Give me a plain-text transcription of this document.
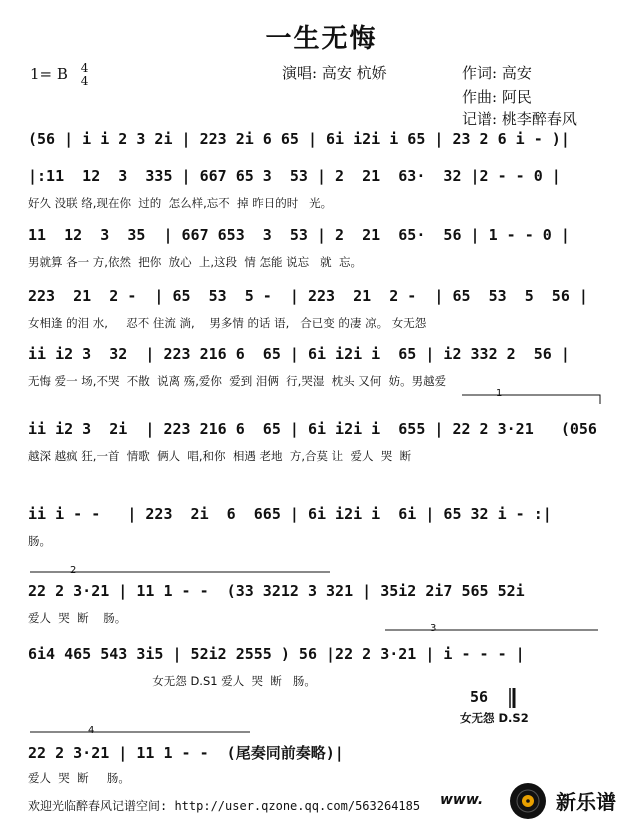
一生无悔
1= B 4
4	演唱: 高安 杭娇	作词: 高安
作曲: 阿民
记谱: 桃李醉春风
(56 | i i 2 3 2i | 223 2i 6 65 | 6i i2i i 65 | 23 2 6 i - )|
|:11  12  3  335 | 667 65 3  53 | 2  21  63·  32 |2 - - 0 |
好久 没联 络,现在你  过的  怎么样,忘不  掉 昨日的时   光。
11  12  3  35  | 667 653  3  53 | 2  21  65·  56 | 1 - - 0 |
男就算 各一 方,依然  把你  放心  上,这段  情 怎能 说忘   就  忘。
223  21  2 -  | 65  53  5 -  | 223  21  2 -  | 65  53  5  56 |
女相逢 的泪 水,     忍不 住流 淌,    男多情 的话 语,   合已变 的凄 凉。 女无怨
ii i2 3  32  | 223 216 6  65 | 6i i2i i  65 | i2 332 2  56 |
无悔 爱一 场,不哭  不散  说离 殇,爱你  爱到 泪俩  行,哭湿  枕头 又何  妨。男越爱
ii i2 3  2i  | 223 216 6  65 | 6i i2i i  655 | 22 2 3·21   (056
越深 越疯 狂,一首  情歌  俩人  唱,和你  相遇 老地  方,合莫 让  爱人  哭  断
ii i - -   | 223  2i  6  665 | 6i i2i i  6i | 65 32 i - :|
肠。
22 2 3·21 | 11 1 - -  (33 3212 3 321 | 35i2 2i7 565 52i
爱人  哭  断    肠。
6i4 465 543 3i5 | 52i2 2555 ) 56 |22 2 3·21 | i - - - |
女无怨 D.S1 爱人  哭  断   肠。
22 2 3·21 | 11 1 - -  (尾奏同前奏略)|
爱人  哭  断     肠。
1
2
3
4
56
女无怨 D.S2
欢迎光临醉春风记谱空间: http://user.qzone.qq.com/563264185 www.	新乐谱
